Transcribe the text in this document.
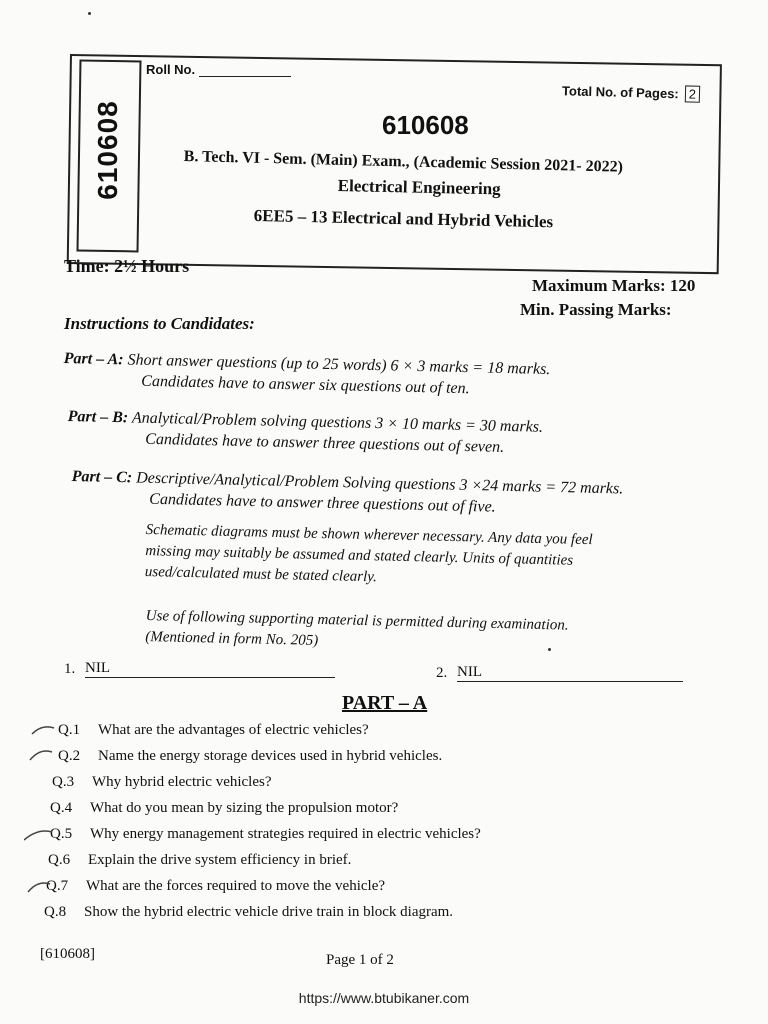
610608
Roll No.
Total No. of Pages: 2
610608
B. Tech. VI - Sem. (Main) Exam., (Academic Session 2021- 2022)
Electrical Engineering
6EE5 – 13 Electrical and Hybrid Vehicles
Time: 2½ Hours
Maximum Marks: 120
Min. Passing Marks:
Instructions to Candidates:
Part – A: Short answer questions (up to 25 words) 6 × 3 marks = 18 marks.
Candidates have to answer six questions out of ten.
Part – B: Analytical/Problem solving questions 3 × 10 marks = 30 marks.
Candidates have to answer three questions out of seven.
Part – C: Descriptive/Analytical/Problem Solving questions 3 ×24 marks = 72 marks.
Candidates have to answer three questions out of five.
Schematic diagrams must be shown wherever necessary. Any data you feel
missing may suitably be assumed and stated clearly. Units of quantities
used/calculated must be stated clearly.
Use of following supporting material is permitted during examination.
(Mentioned in form No. 205)
1. NIL	2. NIL
PART – A
Q.1 What are the advantages of electric vehicles?
Q.2 Name the energy storage devices used in hybrid vehicles.
Q.3 Why hybrid electric vehicles?
Q.4 What do you mean by sizing the propulsion motor?
Q.5 Why energy management strategies required in electric vehicles?
Q.6 Explain the drive system efficiency in brief.
Q.7 What are the forces required to move the vehicle?
Q.8 Show the hybrid electric vehicle drive train in block diagram.
[610608]	Page 1 of 2
https://www.btubikaner.com
